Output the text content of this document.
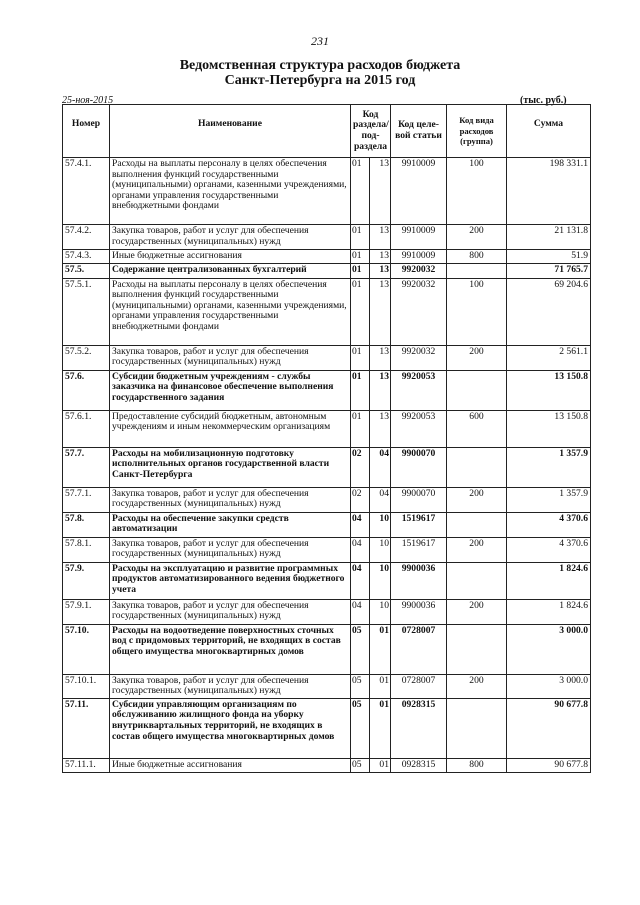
231
Ведомственная структура расходов бюджета
Санкт-Петербурга на 2015 год
25-ноя-2015	(тыс. руб.)
Номер	Наименование	Код раздела/ под- раздела		Код целе- вой статьи	Код вида расходов (группа)	Сумма
57.4.1.	Расходы на выплаты персоналу в целях обеспечения выполнения функций государственными (муниципальными) органами, казенными учреждениями, органами управления государственными внебюджетными фондами	01	13	9910009	100	198 331.1
57.4.2.	Закупка товаров, работ и услуг для обеспечения государственных (муниципальных) нужд	01	13	9910009	200	21 131.8
57.4.3.	Иные бюджетные ассигнования	01	13	9910009	800	51.9
57.5.	Содержание централизованных бухгалтерий	01	13	9920032		71 765.7
57.5.1.	Расходы на выплаты персоналу в целях обеспечения выполнения функций государственными (муниципальными) органами, казенными учреждениями, органами управления государственными внебюджетными фондами	01	13	9920032	100	69 204.6
57.5.2.	Закупка товаров, работ и услуг для обеспечения государственных (муниципальных) нужд	01	13	9920032	200	2 561.1
57.6.	Субсидии бюджетным учреждениям - службы заказчика на финансовое обеспечение выполнения государственного задания	01	13	9920053		13 150.8
57.6.1.	Предоставление субсидий бюджетным, автономным учреждениям и иным некоммерческим организациям	01	13	9920053	600	13 150.8
57.7.	Расходы на мобилизационную подготовку исполнительных органов государственной власти Санкт-Петербурга	02	04	9900070		1 357.9
57.7.1.	Закупка товаров, работ и услуг для обеспечения государственных (муниципальных) нужд	02	04	9900070	200	1 357.9
57.8.	Расходы на обеспечение закупки средств автоматизации	04	10	1519617		4 370.6
57.8.1.	Закупка товаров, работ и услуг для обеспечения государственных (муниципальных) нужд	04	10	1519617	200	4 370.6
57.9.	Расходы на эксплуатацию и развитие программных продуктов автоматизированного ведения бюджетного учета	04	10	9900036		1 824.6
57.9.1.	Закупка товаров, работ и услуг для обеспечения государственных (муниципальных) нужд	04	10	9900036	200	1 824.6
57.10.	Расходы на водоотведение поверхностных сточных вод с придомовых территорий, не входящих в состав общего имущества многоквартирных домов	05	01	0728007		3 000.0
57.10.1.	Закупка товаров, работ и услуг для обеспечения государственных (муниципальных) нужд	05	01	0728007	200	3 000.0
57.11.	Субсидии управляющим организациям по обслуживанию жилищного фонда на уборку внутриквартальных территорий, не входящих в состав общего имущества многоквартирных домов	05	01	0928315		90 677.8
57.11.1.	Иные бюджетные ассигнования	05	01	0928315	800	90 677.8
